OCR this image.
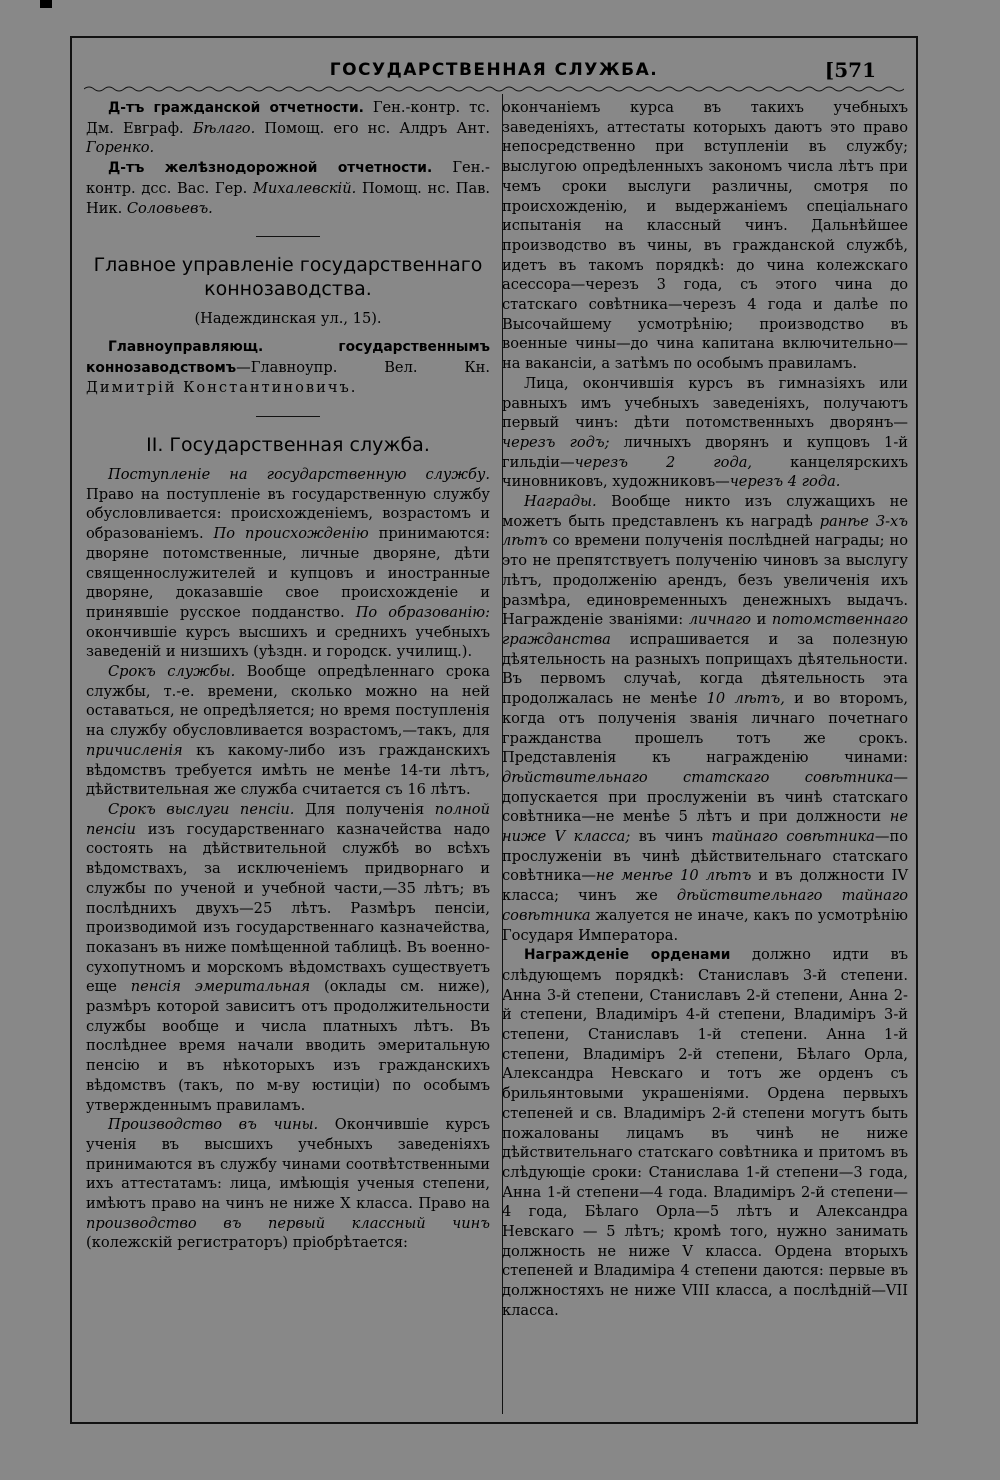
ГОСУДАРСТВЕННАЯ СЛУЖБА.	[571

Д-тъ гражданской отчетности. Ген.-контр. тс. Дм. Евграф. Бѣлаго. Помощ. его нс. Алдръ Ант. Горенко.

Д-тъ желѣзнодорожной отчетности. Ген.-контр. дсс. Вас. Гер. Михалевскій. Помощ. нс. Пав. Ник. Соловьевъ.

Главное управленіе государственнаго коннозаводства.
(Надеждинская ул., 15).

Главноуправляющ. государственнымъ коннозаводствомъ—Главноупр. Вел. Кн. Димитрій Константиновичъ.

II. Государственная служба.

Поступленіе на государственную службу. Право на поступленіе въ государственную службу обусловливается: происхожденіемъ, возрастомъ и образованіемъ. По происхожденію принимаются: дворяне потомственные, личные дворяне, дѣти священнослужителей и купцовъ и иностранные дворяне, доказавшіе свое происхожденіе и принявшіе русское подданство. По образованію: окончившіе курсъ высшихъ и среднихъ учебныхъ заведеній и низшихъ (уѣздн. и городск. училищ.).

Срокъ службы. Вообще опредѣленнаго срока службы, т.-е. времени, сколько можно на ней оставаться, не опредѣляется; но время поступленія на службу обусловливается возрастомъ,—такъ, для причисленія къ какому-либо изъ гражданскихъ вѣдомствъ требуется имѣть не менѣе 14-ти лѣтъ, дѣйствительная же служба считается съ 16 лѣтъ.

Срокъ выслуги пенсіи. Для полученія полной пенсіи изъ государственнаго казначейства надо состоять на дѣйствительной службѣ во всѣхъ вѣдомствахъ, за исключеніемъ придворнаго и службы по ученой и учебной части,—35 лѣтъ; въ послѣднихъ двухъ—25 лѣтъ. Размѣръ пенсіи, производимой изъ государственнаго казначейства, показанъ въ ниже помѣщенной таблицѣ. Въ военно-сухопутномъ и морскомъ вѣдомствахъ существуетъ еще пенсія эмеритальная (оклады см. ниже), размѣръ которой зависитъ отъ продолжительности службы вообще и числа платныхъ лѣтъ. Въ послѣднее время начали вводить эмеритальную пенсію и въ нѣкоторыхъ изъ гражданскихъ вѣдомствъ (такъ, по м-ву юстиціи) по особымъ утвержденнымъ правиламъ.

Производство въ чины. Окончившіе курсъ ученія въ высшихъ учебныхъ заведеніяхъ принимаются въ службу чинами соотвѣтственными ихъ аттестатамъ: лица, имѣющія ученыя степени, имѣютъ право на чинъ не ниже X класса. Право на производство въ первый классный чинъ (колежскій регистраторъ) пріобрѣтается:

окончаніемъ курса въ такихъ учебныхъ заведеніяхъ, аттестаты которыхъ даютъ это право непосредственно при вступленіи въ службу; выслугою опредѣленныхъ закономъ числа лѣтъ при чемъ сроки выслуги различны, смотря по происхожденію, и выдержаніемъ спеціальнаго испытанія на классный чинъ. Дальнѣйшее производство въ чины, въ гражданской службѣ, идетъ въ такомъ порядкѣ: до чина колежскаго асессора—черезъ 3 года, съ этого чина до статскаго совѣтника—черезъ 4 года и далѣе по Высочайшему усмотрѣнію; производство въ военные чины—до чина капитана включительно—на вакансіи, а затѣмъ по особымъ правиламъ.

Лица, окончившія курсъ въ гимназіяхъ или равныхъ имъ учебныхъ заведеніяхъ, получаютъ первый чинъ: дѣти потомственныхъ дворянъ—черезъ годъ; личныхъ дворянъ и купцовъ 1-й гильдіи—черезъ 2 года, канцелярскихъ чиновниковъ, художниковъ—черезъ 4 года.

Награды. Вообще никто изъ служащихъ не можетъ быть представленъ къ наградѣ ранѣе 3-хъ лѣтъ со времени полученія послѣдней награды; но это не препятствуетъ полученію чиновъ за выслугу лѣтъ, продолженію арендъ, безъ увеличенія ихъ размѣра, единовременныхъ денежныхъ выдачъ. Награжденіе званіями: личнаго и потомственнаго гражданства испрашивается и за полезную дѣятельность на разныхъ поприщахъ дѣятельности. Въ первомъ случаѣ, когда дѣятельность эта продолжалась не менѣе 10 лѣтъ, и во второмъ, когда отъ полученія званія личнаго почетнаго гражданства прошелъ тотъ же срокъ. Представленія къ награжденію чинами: дѣйствительнаго статскаго совѣтника—допускается при прослуженіи въ чинѣ статскаго совѣтника—не менѣе 5 лѣтъ и при должности не ниже V класса; въ чинъ тайнаго совѣтника—по прослуженіи въ чинѣ дѣйствительнаго статскаго совѣтника—не менѣе 10 лѣтъ и въ должности IV класса; чинъ же дѣйствительнаго тайнаго совѣтника жалуется не иначе, какъ по усмотрѣнію Государя Императора.

Награжденіе орденами должно идти въ слѣдующемъ порядкѣ: Станиславъ 3-й степени. Анна 3-й степени, Станиславъ 2-й степени, Анна 2-й степени, Владиміръ 4-й степени, Владиміръ 3-й степени, Станиславъ 1-й степени. Анна 1-й степени, Владиміръ 2-й степени, Бѣлаго Орла, Александра Невскаго и тотъ же орденъ съ брильянтовыми украшеніями. Ордена первыхъ степеней и св. Владиміръ 2-й степени могутъ быть пожалованы лицамъ въ чинѣ не ниже дѣйствительнаго статскаго совѣтника и притомъ въ слѣдующіе сроки: Станислава 1-й степени—3 года, Анна 1-й степени—4 года. Владиміръ 2-й степени—4 года, Бѣлаго Орла—5 лѣтъ и Александра Невскаго — 5 лѣтъ; кромѣ того, нужно занимать должность не ниже V класса. Ордена вторыхъ степеней и Владиміра 4 степени даются: первые въ должностяхъ не ниже VIII класса, а послѣдній—VII класса.
